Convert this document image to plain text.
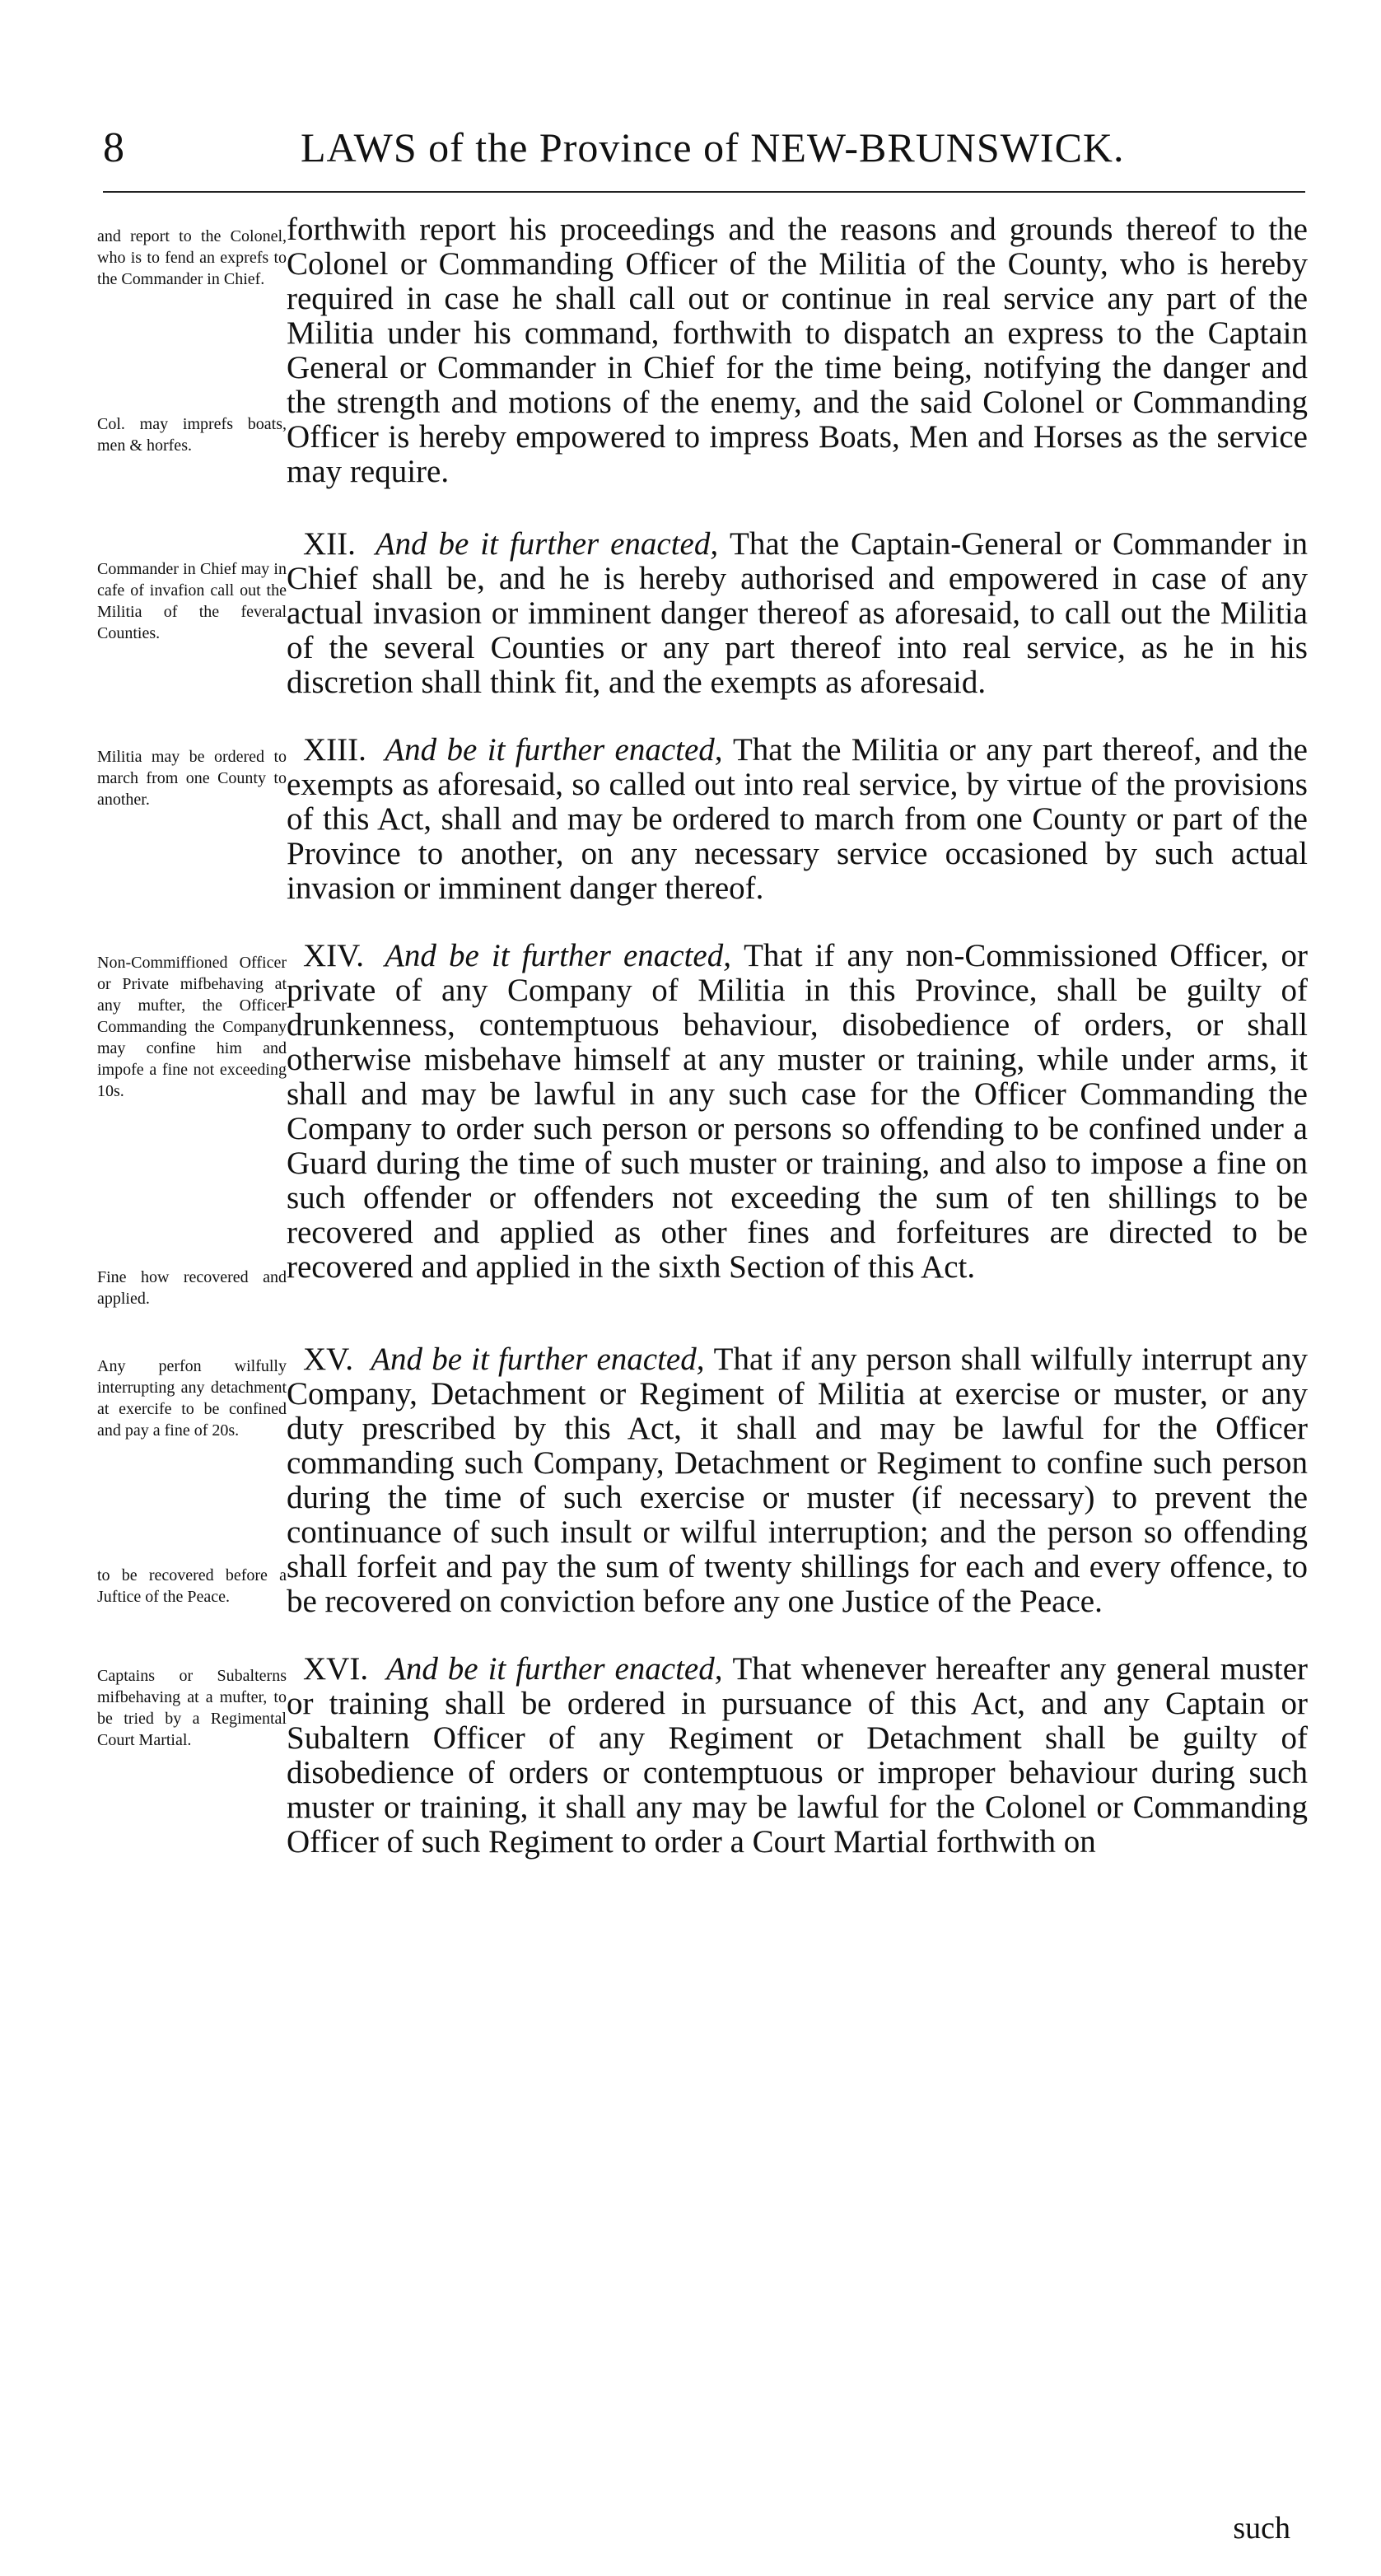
8	LAWS of the Province of NEW-BRUNSWICK.
and report to the Colonel, who is to fend an exprefs to the Commander in Chief.
Col. may imprefs boats, men & horfes.
forthwith report his proceedings and the reasons and grounds thereof to the Colonel or Commanding Officer of the Militia of the County, who is hereby required in case he shall call out or continue in real service any part of the Militia under his command, forthwith to dispatch an express to the Captain General or Commander in Chief for the time being, notifying the danger and the strength and motions of the enemy, and the said Colonel or Commanding Officer is hereby empowered to impress Boats, Men and Horses as the service may require.
Commander in Chief may in cafe of invafion call out the Militia of the feveral Counties.
XII. And be it further enacted, That the Captain-General or Commander in Chief shall be, and he is hereby authorised and empowered in case of any actual invasion or imminent danger thereof as aforesaid, to call out the Militia of the several Counties or any part thereof into real service, as he in his discretion shall think fit, and the exempts as aforesaid.
Militia may be ordered to march from one County to another.
XIII. And be it further enacted, That the Militia or any part thereof, and the exempts as aforesaid, so called out into real service, by virtue of the provisions of this Act, shall and may be ordered to march from one County or part of the Province to another, on any necessary service occasioned by such actual invasion or imminent danger thereof.
Non-Commiffioned Officer or Private mifbehaving at any mufter, the Officer Commanding the Company may confine him and impofe a fine not exceeding 10s.
Fine how recovered and applied.
XIV. And be it further enacted, That if any non-Commissioned Officer, or private of any Company of Militia in this Province, shall be guilty of drunkenness, contemptuous behaviour, disobedience of orders, or shall otherwise misbehave himself at any muster or training, while under arms, it shall and may be lawful in any such case for the Officer Commanding the Company to order such person or persons so offending to be confined under a Guard during the time of such muster or training, and also to impose a fine on such offender or offenders not exceeding the sum of ten shillings to be recovered and applied as other fines and forfeitures are directed to be recovered and applied in the sixth Section of this Act.
Any perfon wilfully interrupting any detachment at exercife to be confined and pay a fine of 20s.
to be recovered before a Juftice of the Peace.
XV. And be it further enacted, That if any person shall wilfully interrupt any Company, Detachment or Regiment of Militia at exercise or muster, or any duty prescribed by this Act, it shall and may be lawful for the Officer commanding such Company, Detachment or Regiment to confine such person during the time of such exercise or muster (if necessary) to prevent the continuance of such insult or wilful interruption; and the person so offending shall forfeit and pay the sum of twenty shillings for each and every offence, to be recovered on conviction before any one Justice of the Peace.
Captains or Subalterns mifbehaving at a mufter, to be tried by a Regimental Court Martial.
XVI. And be it further enacted, That whenever hereafter any general muster or training shall be ordered in pursuance of this Act, and any Captain or Subaltern Officer of any Regiment or Detachment shall be guilty of disobedience of orders or contemptuous or improper behaviour during such muster or training, it shall any may be lawful for the Colonel or Commanding Officer of such Regiment to order a Court Martial forthwith on
such
